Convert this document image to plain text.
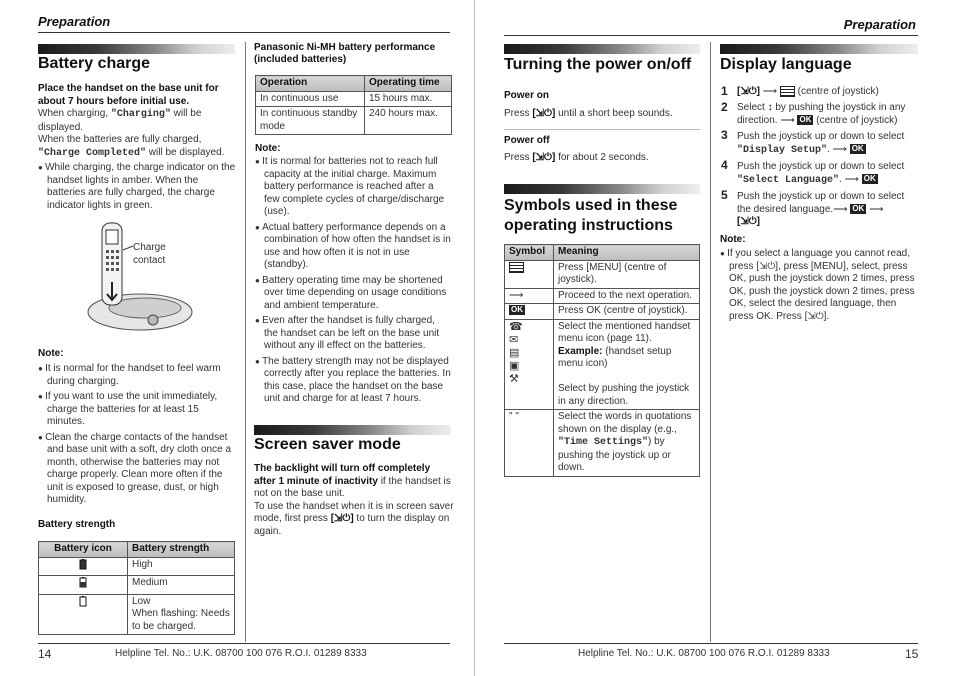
Preparation
Battery charge
Place the handset on the base unit for about 7 hours before initial use.
When charging, "Charging" will be displayed.
When the batteries are fully charged,
"Charge Completed" will be displayed.
● While charging, the charge indicator on the handset lights in amber. When the batteries are fully charged, the charge indicator lights in green.
Charge contact
Note:
● It is normal for the handset to feel warm during charging.
● If you want to use the unit immediately, charge the batteries for at least 15 minutes.
● Clean the charge contacts of the handset and base unit with a soft, dry cloth once a month, otherwise the batteries may not charge properly. Clean more often if the unit is exposed to grease, dust, or high humidity.
Battery strength
Battery icon	Battery strength
	High
	Medium
	Low
When flashing: Needs to be charged.
Panasonic Ni-MH battery performance (included batteries)
Operation	Operating time
In continuous use	15 hours max.
In continuous standby mode	240 hours max.
Note:
● It is normal for batteries not to reach full capacity at the initial charge. Maximum battery performance is reached after a few complete cycles of charge/discharge (use).
● Actual battery performance depends on a combination of how often the handset is in use and how often it is not in use (standby).
● Battery operating time may be shortened over time depending on usage conditions and ambient temperature.
● Even after the handset is fully charged, the handset can be left on the base unit without any ill effect on the batteries.
● The battery strength may not be displayed correctly after you replace the batteries. In this case, place the handset on the base unit and charge for at least 7 hours.
Screen saver mode
The backlight will turn off completely after 1 minute of inactivity if the handset is not on the base unit.
To use the handset when it is in screen saver mode, first press [⇲⏻] to turn the display on again.
14	Helpline Tel. No.: U.K. 08700 100 076 R.O.I. 01289 8333
Preparation
Turning the power on/off
Power on
Press [⇲⏻] until a short beep sounds.
Power off
Press [⇲⏻] for about 2 seconds.
Symbols used in these operating instructions
Symbol	Meaning
	Press [MENU] (centre of joystick).
⟶	Proceed to the next operation.
OK	Press OK (centre of joystick).
☎
✉
▤
▣
⚒	Select the mentioned handset menu icon (page 11).
Example: (handset setup menu icon)

Select by pushing the joystick in any direction.
" "	Select the words in quotations shown on the display (e.g., "Time Settings") by pushing the joystick up or down.
Display language
1 [⇲⏻] ⟶  (centre of joystick)
2 Select ↕ by pushing the joystick in any direction. ⟶ OK (centre of joystick)
3 Push the joystick up or down to select "Display Setup". ⟶ OK
4 Push the joystick up or down to select "Select Language". ⟶ OK
5 Push the joystick up or down to select the desired language.⟶ OK ⟶
[⇲⏻]
Note:
● If you select a language you cannot read, press [⇲⏻], press [MENU], select, press OK, push the joystick down 2 times, press OK, push the joystick down 2 times, press OK, select the desired language, then press OK. Press [⇲⏻].
Helpline Tel. No.: U.K. 08700 100 076 R.O.I. 01289 8333	15
